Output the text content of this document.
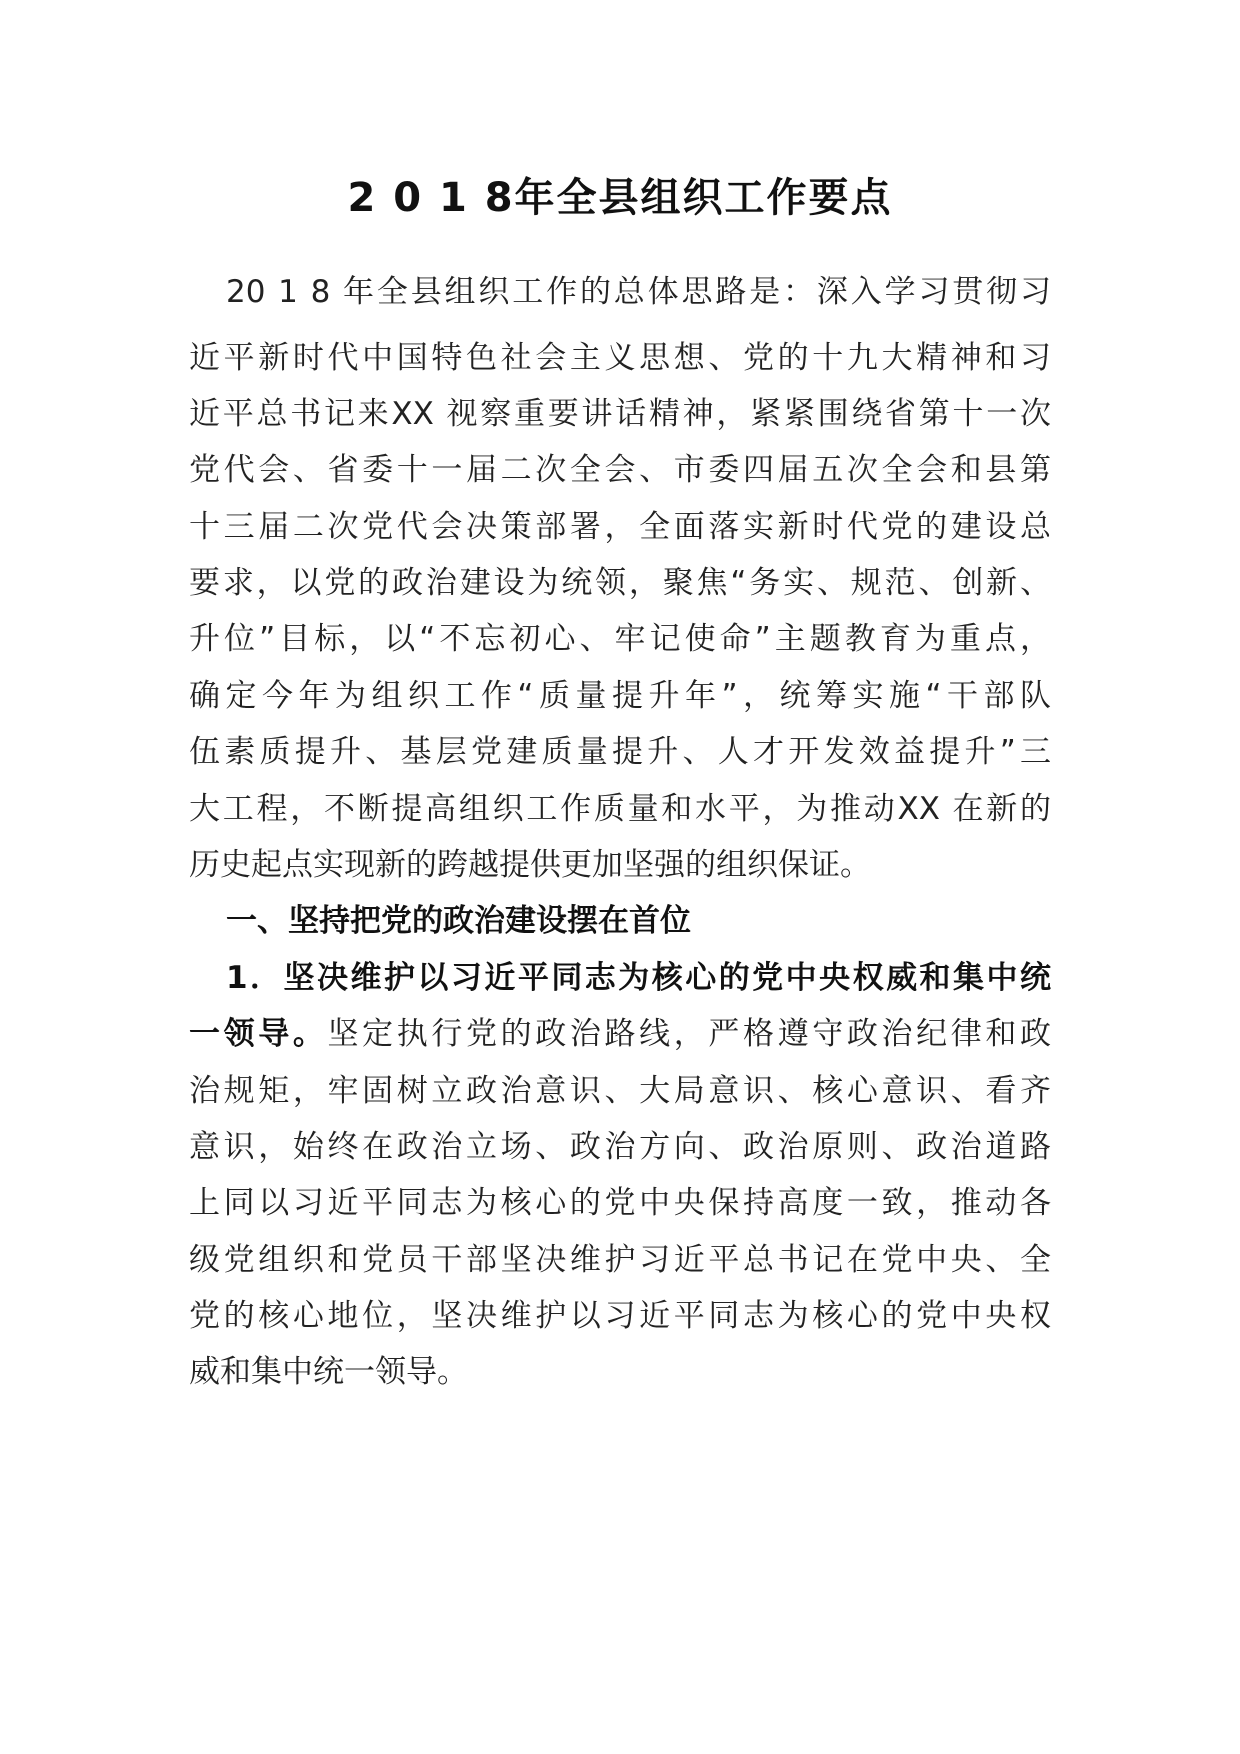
2 0 1 8年全县组织工作要点
20 1 8 年全县组织工作的总体思路是：深入学习贯彻习
近平新时代中国特色社会主义思想、党的十九大精神和习
近平总书记来XX 视察重要讲话精神，紧紧围绕省第十一次
党代会、省委十一届二次全会、市委四届五次全会和县第
十三届二次党代会决策部署，全面落实新时代党的建设总
要求，以党的政治建设为统领，聚焦“务实、规范、创新、
升位”目标，以“不忘初心、牢记使命”主题教育为重点，
确定今年为组织工作“质量提升年”，统筹实施“干部队
伍素质提升、基层党建质量提升、人才开发效益提升”三
大工程，不断提高组织工作质量和水平，为推动XX 在新的
历史起点实现新的跨越提供更加坚强的组织保证。
一、坚持把党的政治建设摆在首位
1．坚决维护以习近平同志为核心的党中央权威和集中统
一领导。坚定执行党的政治路线，严格遵守政治纪律和政
治规矩，牢固树立政治意识、大局意识、核心意识、看齐
意识，始终在政治立场、政治方向、政治原则、政治道路
上同以习近平同志为核心的党中央保持高度一致，推动各
级党组织和党员干部坚决维护习近平总书记在党中央、全
党的核心地位，坚决维护以习近平同志为核心的党中央权
威和集中统一领导。
